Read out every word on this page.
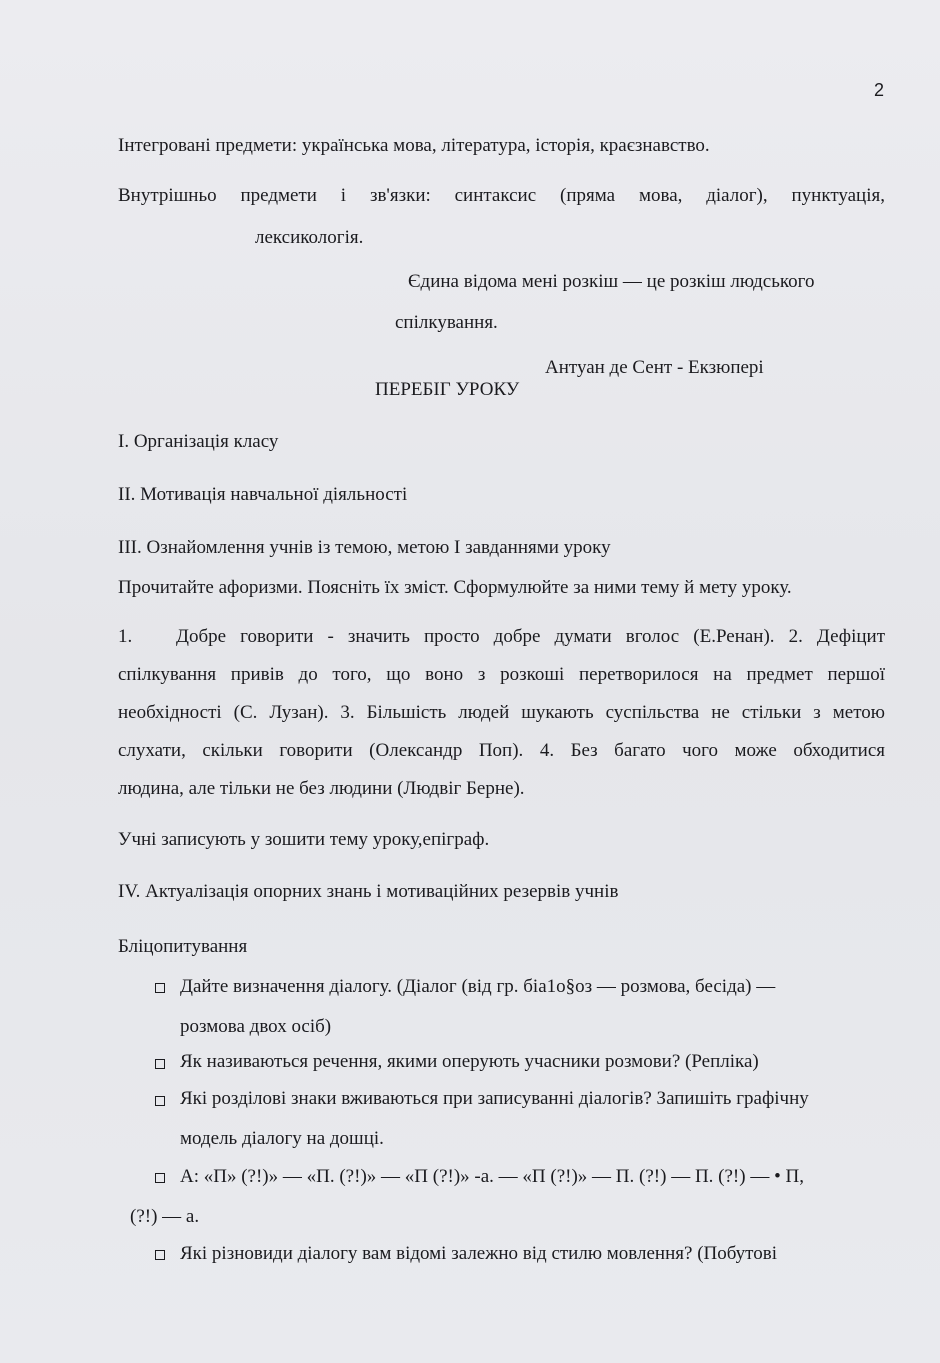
2
Інтегровані предмети: українська мова, література, історія, краєзнавство.
Внутрішньо предмети і зв'язки: синтаксис (пряма мова, діалог), пунктуація,
лексикологія.
Єдина відома мені розкіш — це розкіш людського
спілкування.
Антуан де Сент - Екзюпері
ПЕРЕБІГ УРОКУ
I. Організація класу
II. Мотивація навчальної діяльності
III. Ознайомлення учнів із темою, метою І завданнями уроку
Прочитайте афоризми. Поясніть їх зміст. Сформулюйте за ними тему й мету уроку.
1. Добре говорити - значить просто добре думати вголос (Е.Ренан). 2. Дефіцит
спілкування привів до того, що воно з розкоші перетворилося на предмет першої
необхідності (С. Лузан). 3. Більшість людей шукають суспільства не стільки з метою
слухати, скільки говорити (Олександр Поп). 4. Без багато чого може обходитися
людина, але тільки не без людини (Людвіг Берне).
Учні записують у зошити тему уроку,епіграф.
IV. Актуалізація опорних знань і мотиваційних резервів учнів
Бліцопитування
Дайте визначення діалогу. (Діалог (від гр. біа1о§оз — розмова, бесіда) —
розмова двох осіб)
Як називаються речення, якими оперують учасники розмови? (Репліка)
Які розділові знаки вживаються при записуванні діалогів? Запишіть графічну
модель діалогу на дошці.
А: «П» (?!)» — «П. (?!)» — «П (?!)» -а. — «П (?!)» — П. (?!) — П. (?!) — • П,
(?!) — а.
Які різновиди діалогу вам відомі залежно від стилю мовлення? (Побутові
